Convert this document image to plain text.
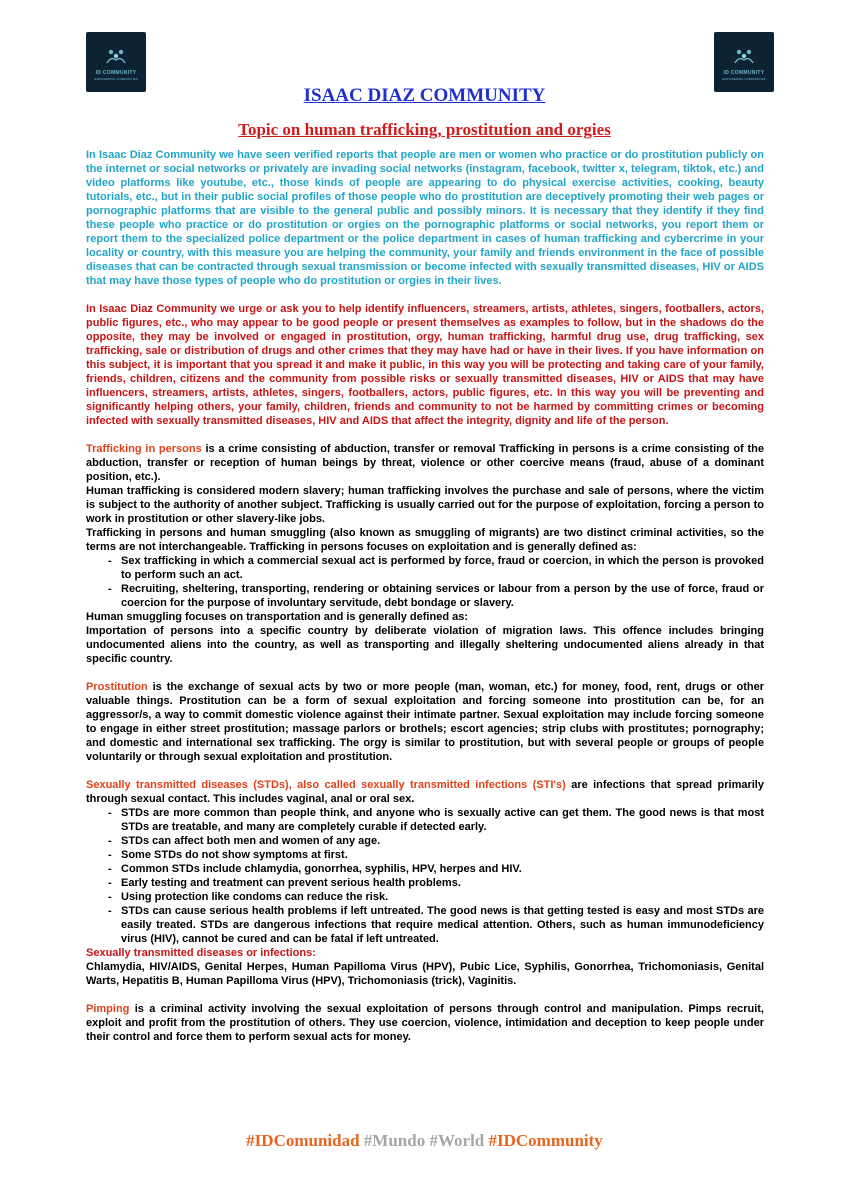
ID COMMUNITY
EMPOWERING COMMUNITIES
ID COMMUNITY
EMPOWERING COMMUNITIES
ISAAC DIAZ COMMUNITY
Topic on human trafficking, prostitution and orgies

In Isaac Diaz Community we have seen verified reports that people are men or women who practice or do prostitution publicly on the internet or social networks or privately are invading social networks (instagram, facebook, twitter x, telegram, tiktok, etc.) and video platforms like youtube, etc., those kinds of people are appearing to do physical exercise activities, cooking, beauty tutorials, etc., but in their public social profiles of those people who do prostitution are deceptively promoting their web pages or pornographic platforms that are visible to the general public and possibly minors. It is necessary that they identify if they find these people who practice or do prostitution or orgies on the pornographic platforms or social networks, you report them or report them to the specialized police department or the police department in cases of human trafficking and cybercrime in your locality or country, with this measure you are helping the community, your family and friends environment in the face of possible diseases that can be contracted through sexual transmission or become infected with sexually transmitted diseases, HIV or AIDS that may have those types of people who do prostitution or orgies in their lives.

In Isaac Diaz Community we urge or ask you to help identify influencers, streamers, artists, athletes, singers, footballers, actors, public figures, etc., who may appear to be good people or present themselves as examples to follow, but in the shadows do the opposite, they may be involved or engaged in prostitution, orgy, human trafficking, harmful drug use, drug trafficking, sex trafficking, sale or distribution of drugs and other crimes that they may have had or have in their lives. If you have information on this subject, it is important that you spread it and make it public, in this way you will be protecting and taking care of your family, friends, children, citizens and the community from possible risks or sexually transmitted diseases, HIV or AIDS that may have influencers, streamers, artists, athletes, singers, footballers, actors, public figures, etc. In this way you will be preventing and significantly helping others, your family, children, friends and community to not be harmed by committing crimes or becoming infected with sexually transmitted diseases, HIV and AIDS that affect the integrity, dignity and life of the person.

Trafficking in persons is a crime consisting of abduction, transfer or removal Trafficking in persons is a crime consisting of the abduction, transfer or reception of human beings by threat, violence or other coercive means (fraud, abuse of a dominant position, etc.).

Human trafficking is considered modern slavery; human trafficking involves the purchase and sale of persons, where the victim is subject to the authority of another subject. Trafficking is usually carried out for the purpose of exploitation, forcing a person to work in prostitution or other slavery-like jobs.

Trafficking in persons and human smuggling (also known as smuggling of migrants) are two distinct criminal activities, so the terms are not interchangeable. Trafficking in persons focuses on exploitation and is generally defined as:

- Sex trafficking in which a commercial sexual act is performed by force, fraud or coercion, in which the person is provoked to perform such an act.
- Recruiting, sheltering, transporting, rendering or obtaining services or labour from a person by the use of force, fraud or coercion for the purpose of involuntary servitude, debt bondage or slavery.

Human smuggling focuses on transportation and is generally defined as:

Importation of persons into a specific country by deliberate violation of migration laws. This offence includes bringing undocumented aliens into the country, as well as transporting and illegally sheltering undocumented aliens already in that specific country.

Prostitution is the exchange of sexual acts by two or more people (man, woman, etc.) for money, food, rent, drugs or other valuable things. Prostitution can be a form of sexual exploitation and forcing someone into prostitution can be, for an aggressor/s, a way to commit domestic violence against their intimate partner. Sexual exploitation may include forcing someone to engage in either street prostitution; massage parlors or brothels; escort agencies; strip clubs with prostitutes; pornography; and domestic and international sex trafficking. The orgy is similar to prostitution, but with several people or groups of people voluntarily or through sexual exploitation and prostitution.

Sexually transmitted diseases (STDs), also called sexually transmitted infections (STI's) are infections that spread primarily through sexual contact. This includes vaginal, anal or oral sex.

- STDs are more common than people think, and anyone who is sexually active can get them. The good news is that most STDs are treatable, and many are completely curable if detected early.
- STDs can affect both men and women of any age.
- Some STDs do not show symptoms at first.
- Common STDs include chlamydia, gonorrhea, syphilis, HPV, herpes and HIV.
- Early testing and treatment can prevent serious health problems.
- Using protection like condoms can reduce the risk.
- STDs can cause serious health problems if left untreated. The good news is that getting tested is easy and most STDs are easily treated. STDs are dangerous infections that require medical attention. Others, such as human immunodeficiency virus (HIV), cannot be cured and can be fatal if left untreated.

Sexually transmitted diseases or infections:

Chlamydia, HIV/AIDS, Genital Herpes, Human Papilloma Virus (HPV), Pubic Lice, Syphilis, Gonorrhea, Trichomoniasis, Genital Warts, Hepatitis B, Human Papilloma Virus (HPV), Trichomoniasis (trick), Vaginitis.

Pimping is a criminal activity involving the sexual exploitation of persons through control and manipulation. Pimps recruit, exploit and profit from the prostitution of others. They use coercion, violence, intimidation and deception to keep people under their control and force them to perform sexual acts for money.

#IDComunidad #Mundo #World #IDCommunity
